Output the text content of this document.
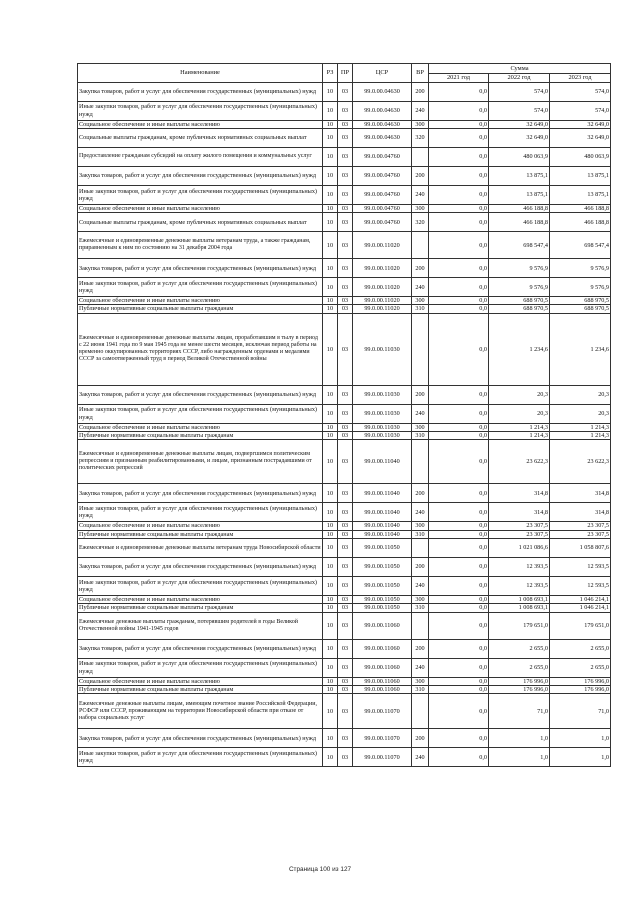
Наименование	РЗ	ПР	ЦСР	ВР	Сумма		
					2021 год	2022 год	2023 год
Закупка товаров, работ и услуг для обеспечения государственных (муниципальных) нужд	10	03	99.0.00.04630	200	0,0	574,0	574,0
Иные закупки товаров, работ и услуг для обеспечения государственных (муниципальных) нужд	10	03	99.0.00.04630	240	0,0	574,0	574,0
Социальное обеспечение и иные выплаты населению	10	03	99.0.00.04630	300	0,0	32 649,0	32 649,0
Социальные выплаты гражданам, кроме публичных нормативных социальных выплат	10	03	99.0.00.04630	320	0,0	32 649,0	32 649,0
Предоставление гражданам субсидий на оплату жилого помещения и коммунальных услуг	10	03	99.0.00.04760		0,0	480 063,9	480 063,9
Закупка товаров, работ и услуг для обеспечения государственных (муниципальных) нужд	10	03	99.0.00.04760	200	0,0	13 875,1	13 875,1
Иные закупки товаров, работ и услуг для обеспечения государственных (муниципальных) нужд	10	03	99.0.00.04760	240	0,0	13 875,1	13 875,1
Социальное обеспечение и иные выплаты населению	10	03	99.0.00.04760	300	0,0	466 188,8	466 188,8
Социальные выплаты гражданам, кроме публичных нормативных социальных выплат	10	03	99.0.00.04760	320	0,0	466 188,8	466 188,8
Ежемесячные и единовременные денежные выплаты ветеранам труда, а также гражданам, приравненным к ним по состоянию на 31 декабря 2004 года	10	03	99.0.00.11020		0,0	698 547,4	698 547,4
Закупка товаров, работ и услуг для обеспечения государственных (муниципальных) нужд	10	03	99.0.00.11020	200	0,0	9 576,9	9 576,9
Иные закупки товаров, работ и услуг для обеспечения государственных (муниципальных) нужд	10	03	99.0.00.11020	240	0,0	9 576,9	9 576,9
Социальное обеспечение и иные выплаты населению	10	03	99.0.00.11020	300	0,0	688 970,5	688 970,5
Публичные нормативные социальные выплаты гражданам	10	03	99.0.00.11020	310	0,0	688 970,5	688 970,5
Ежемесячные и единовременные денежные выплаты лицам, проработавшим в тылу в период с 22 июня 1941 года по 9 мая 1945 года не менее шести месяцев, исключая период работы на временно оккупированных территориях СССР, либо награжденным орденами и медалями СССР за самоотверженный труд в период Великой Отечественной войны	10	03	99.0.00.11030		0,0	1 234,6	1 234,6
Закупка товаров, работ и услуг для обеспечения государственных (муниципальных) нужд	10	03	99.0.00.11030	200	0,0	20,3	20,3
Иные закупки товаров, работ и услуг для обеспечения государственных (муниципальных) нужд	10	03	99.0.00.11030	240	0,0	20,3	20,3
Социальное обеспечение и иные выплаты населению	10	03	99.0.00.11030	300	0,0	1 214,3	1 214,3
Публичные нормативные социальные выплаты гражданам	10	03	99.0.00.11030	310	0,0	1 214,3	1 214,3
Ежемесячные и единовременные денежные выплаты лицам, подвергшимся политическим репрессиям и признанным реабилитированными, и лицам, признанным пострадавшими от политических репрессий	10	03	99.0.00.11040		0,0	23 622,3	23 622,3
Закупка товаров, работ и услуг для обеспечения государственных (муниципальных) нужд	10	03	99.0.00.11040	200	0,0	314,8	314,8
Иные закупки товаров, работ и услуг для обеспечения государственных (муниципальных) нужд	10	03	99.0.00.11040	240	0,0	314,8	314,8
Социальное обеспечение и иные выплаты населению	10	03	99.0.00.11040	300	0,0	23 307,5	23 307,5
Публичные нормативные социальные выплаты гражданам	10	03	99.0.00.11040	310	0,0	23 307,5	23 307,5
Ежемесячные и единовременные денежные выплаты ветеранам труда Новосибирской области	10	03	99.0.00.11050		0,0	1 021 086,6	1 058 807,6
Закупка товаров, работ и услуг для обеспечения государственных (муниципальных) нужд	10	03	99.0.00.11050	200	0,0	12 393,5	12 593,5
Иные закупки товаров, работ и услуг для обеспечения государственных (муниципальных) нужд	10	03	99.0.00.11050	240	0,0	12 393,5	12 593,5
Социальное обеспечение и иные выплаты населению	10	03	99.0.00.11050	300	0,0	1 008 693,1	1 046 214,1
Публичные нормативные социальные выплаты гражданам	10	03	99.0.00.11050	310	0,0	1 008 693,1	1 046 214,1
Ежемесячные денежные выплаты гражданам, потерявшим родителей в годы Великой Отечественной войны 1941-1945 годов	10	03	99.0.00.11060		0,0	179 651,0	179 651,0
Закупка товаров, работ и услуг для обеспечения государственных (муниципальных) нужд	10	03	99.0.00.11060	200	0,0	2 655,0	2 655,0
Иные закупки товаров, работ и услуг для обеспечения государственных (муниципальных) нужд	10	03	99.0.00.11060	240	0,0	2 655,0	2 655,0
Социальное обеспечение и иные выплаты населению	10	03	99.0.00.11060	300	0,0	176 996,0	176 996,0
Публичные нормативные социальные выплаты гражданам	10	03	99.0.00.11060	310	0,0	176 996,0	176 996,0
Ежемесячные денежные выплаты лицам, имеющим почетное звание Российской Федерации, РСФСР или СССР, проживающим на территории Новосибирской области при отказе от набора социальных услуг	10	03	99.0.00.11070		0,0	71,0	71,0
Закупка товаров, работ и услуг для обеспечения государственных (муниципальных) нужд	10	03	99.0.00.11070	200	0,0	1,0	1,0
Иные закупки товаров, работ и услуг для обеспечения государственных (муниципальных) нужд	10	03	99.0.00.11070	240	0,0	1,0	1,0
Страница 100 из 127
